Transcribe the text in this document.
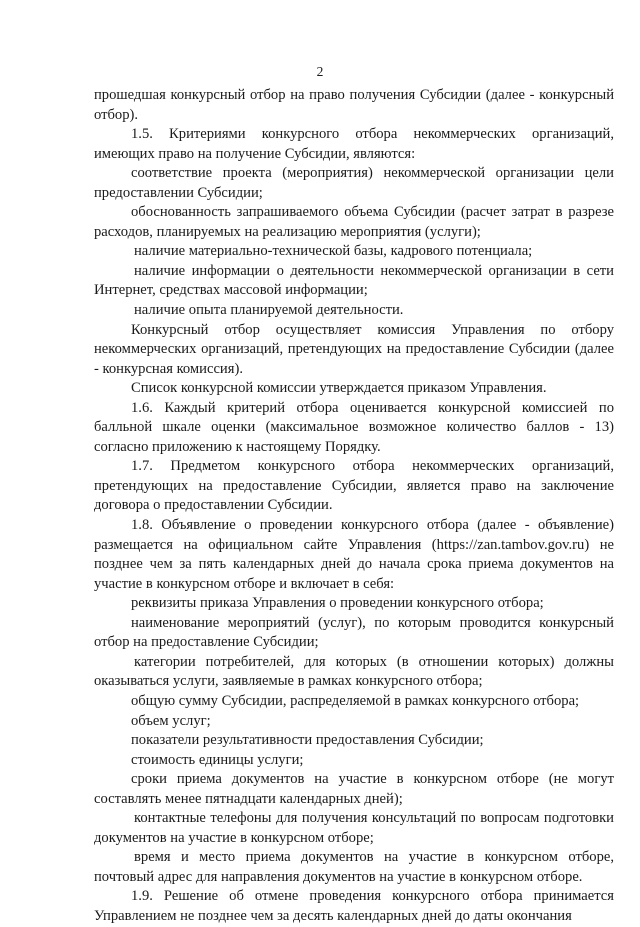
2

прошедшая конкурсный отбор на право получения Субсидии (далее - конкурсный отбор).

1.5. Критериями конкурсного отбора некоммерческих организаций, имеющих право на получение Субсидии, являются:

соответствие проекта (мероприятия) некоммерческой организации цели предоставлении Субсидии;

обоснованность запрашиваемого объема Субсидии (расчет затрат в разрезе расходов, планируемых на реализацию мероприятия (услуги);

наличие материально-технической базы, кадрового потенциала;

наличие информации о деятельности некоммерческой организации в сети Интернет, средствах массовой информации;

наличие опыта планируемой деятельности.

Конкурсный отбор осуществляет комиссия Управления по отбору некоммерческих организаций, претендующих на предоставление Субсидии (далее - конкурсная комиссия).

Список конкурсной комиссии утверждается приказом Управления.

1.6. Каждый критерий отбора оценивается конкурсной комиссией по балльной шкале оценки (максимальное возможное количество баллов - 13) согласно приложению к настоящему Порядку.

1.7. Предметом конкурсного отбора некоммерческих организаций, претендующих на предоставление Субсидии, является право на заключение договора о предоставлении Субсидии.

1.8. Объявление о проведении конкурсного отбора (далее - объявление) размещается на официальном сайте Управления (https://zan.tambov.gov.ru) не позднее чем за пять календарных дней до начала срока приема документов на участие в конкурсном отборе и включает в себя:

реквизиты приказа Управления о проведении конкурсного отбора;

наименование мероприятий (услуг), по которым проводится конкурсный отбор на предоставление Субсидии;

категории потребителей, для которых (в отношении которых) должны оказываться услуги, заявляемые в рамках конкурсного отбора;

общую сумму Субсидии, распределяемой в рамках конкурсного отбора;

объем услуг;

показатели результативности предоставления Субсидии;

стоимость единицы услуги;

сроки приема документов на участие в конкурсном отборе (не могут составлять менее пятнадцати календарных дней);

контактные телефоны для получения консультаций по вопросам подготовки документов на участие в конкурсном отборе;

время и место приема документов на участие в конкурсном отборе, почтовый адрес для направления документов на участие в конкурсном отборе.

1.9. Решение об отмене проведения конкурсного отбора принимается Управлением не позднее чем за десять календарных дней до даты окончания
